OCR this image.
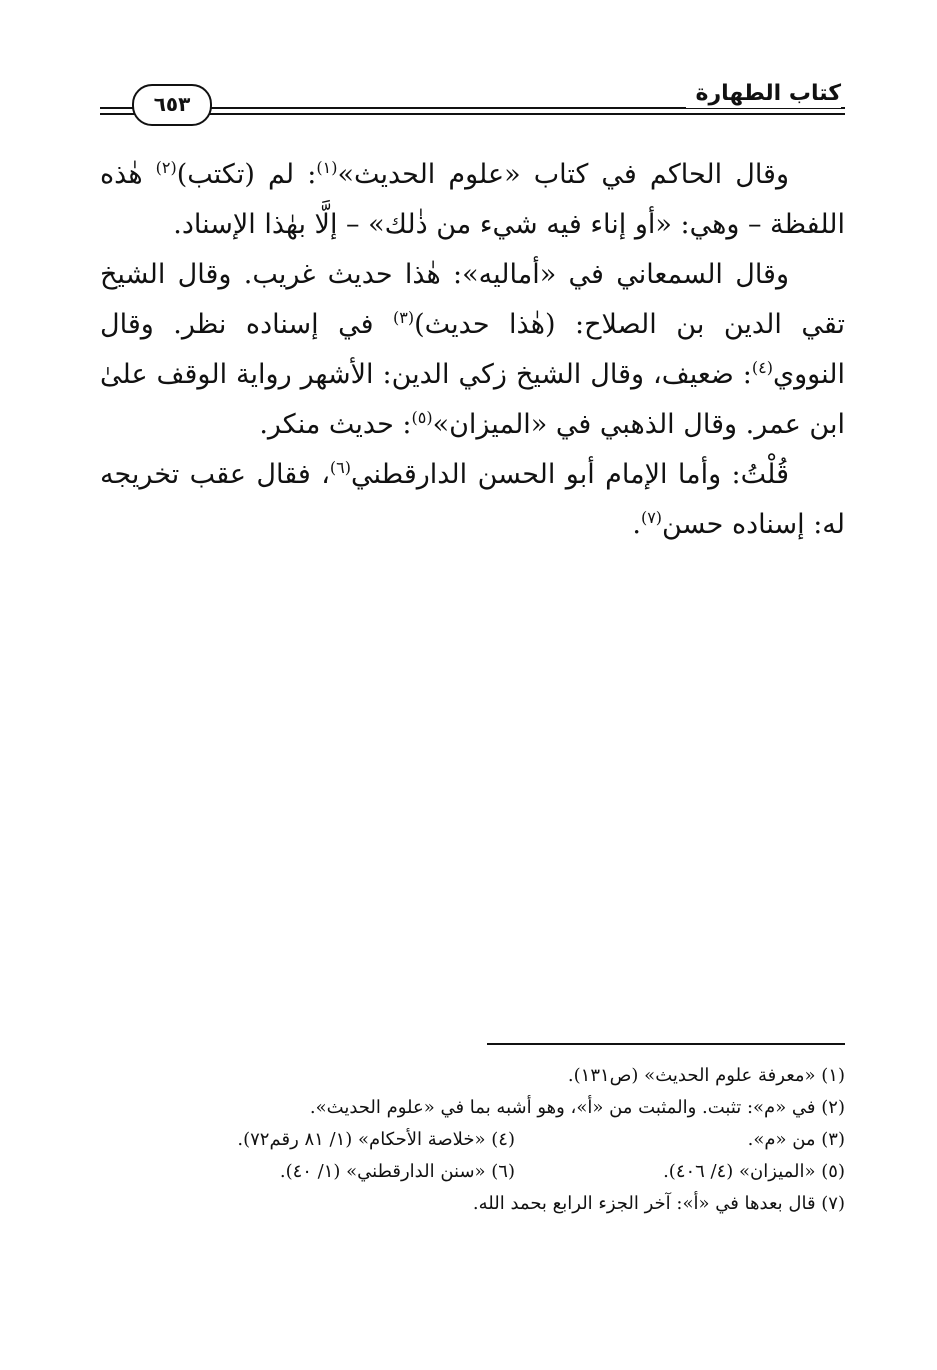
٦٥٣	كتاب الطهارة

وقال الحاكم في كتاب «علوم الحديث»$^{(١)}$: لم (تكتب)$^{(٢)}$ هٰذه اللفظة – وهي: «أو إناء فيه شيء من ذٰلك» – إلَّا بهٰذا الإسناد.

وقال السمعاني في «أماليه»: هٰذا حديث غريب. وقال الشيخ تقي الدين بن الصلاح: (هٰذا حديث)$^{(٣)}$ في إسناده نظر. وقال النووي$^{(٤)}$: ضعيف، وقال الشيخ زكي الدين: الأشهر رواية الوقف علىٰ ابن عمر. وقال الذهبي في «الميزان»$^{(٥)}$: حديث منكر.

قُلْتُ: وأما الإمام أبو الحسن الدارقطني$^{(٦)}$، فقال عقب تخريجه له: إسناده حسن$^{(٧)}$.

(١) «معرفة علوم الحديث» (ص١٣١).
(٢) في «م»: تثبت. والمثبت من «أ»، وهو أشبه بما في «علوم الحديث».
(٣) من «م».
(٤) «خلاصة الأحكام» (١/ ٨١ رقم٧٢).
(٥) «الميزان» (٤/ ٤٠٦).
(٦) «سنن الدارقطني» (١/ ٤٠).
(٧) قال بعدها في «أ»: آخر الجزء الرابع بحمد الله.
